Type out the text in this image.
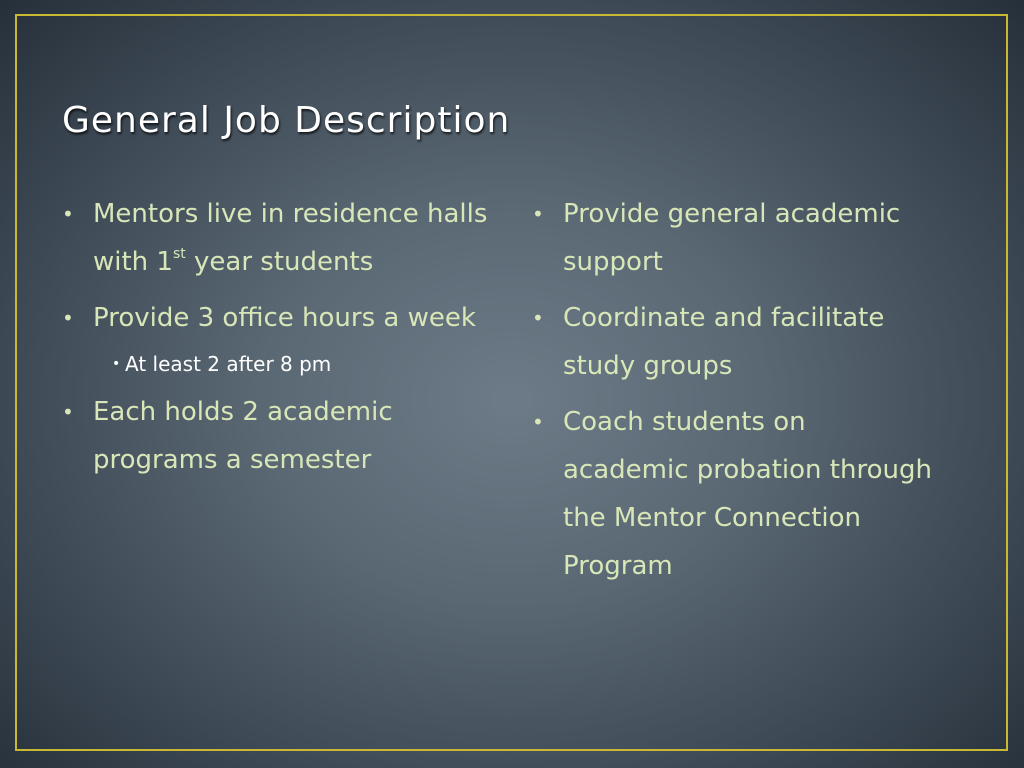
General Job Description
• Mentors live in residence halls with 1st year students
• Provide 3 office hours a week
• At least 2 after 8 pm
• Each holds 2 academic programs a semester
• Provide general academic support
• Coordinate and facilitate study groups
• Coach students on academic probation through the Mentor Connection Program
